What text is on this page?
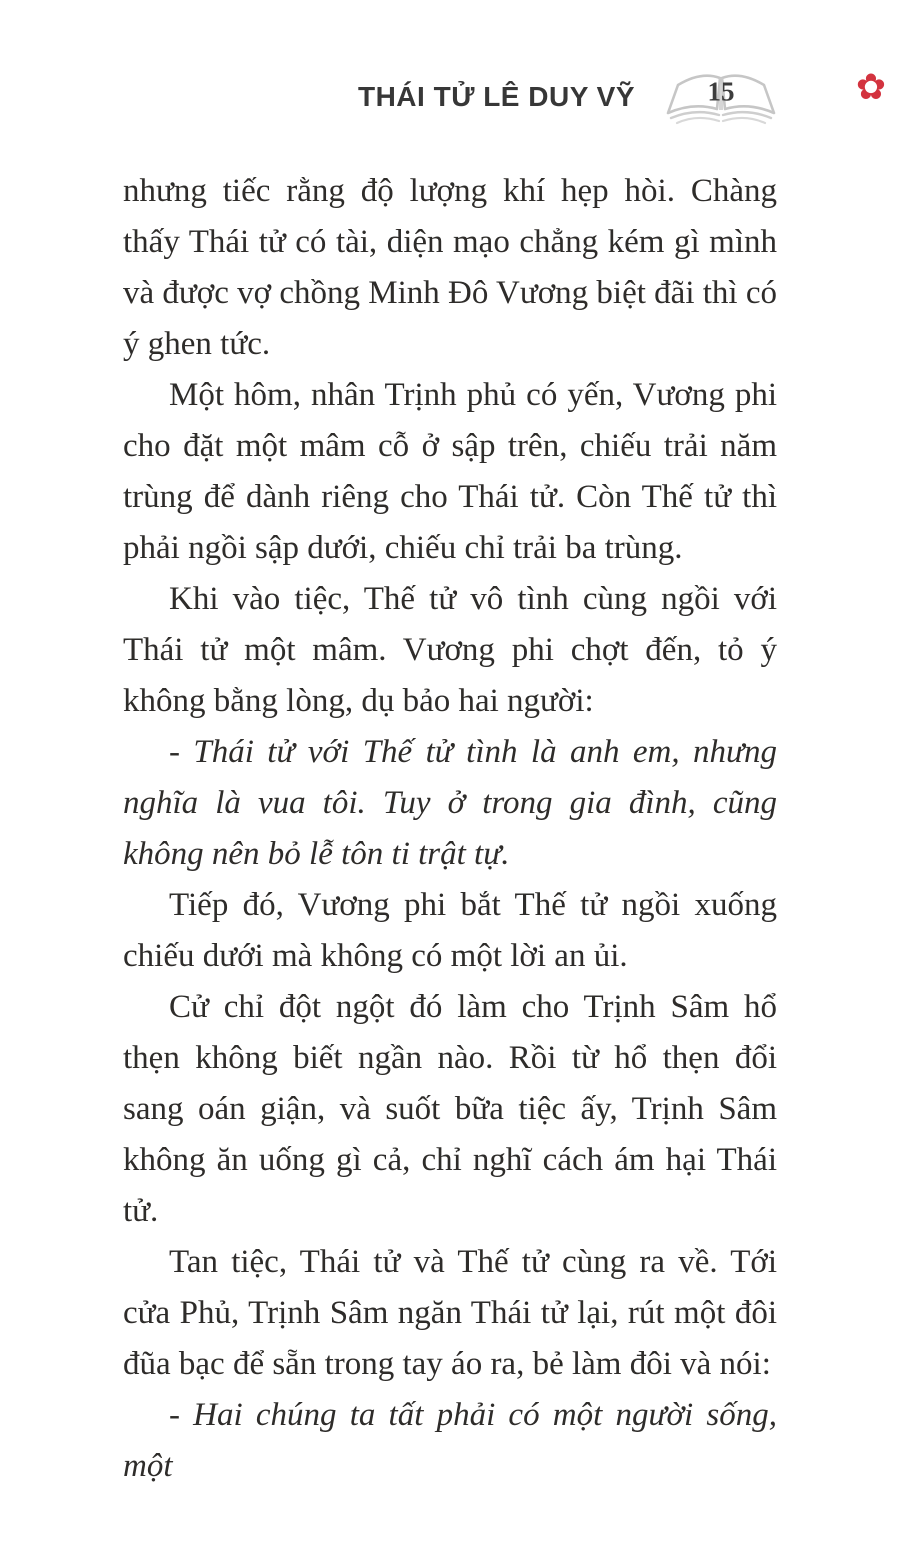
✿
THÁI TỬ LÊ DUY VỸ	15

nhưng tiếc rằng độ lượng khí hẹp hòi. Chàng thấy Thái tử có tài, diện mạo chẳng kém gì mình và được vợ chồng Minh Đô Vương biệt đãi thì có ý ghen tức.

Một hôm, nhân Trịnh phủ có yến, Vương phi cho đặt một mâm cỗ ở sập trên, chiếu trải năm trùng để dành riêng cho Thái tử. Còn Thế tử thì phải ngồi sập dưới, chiếu chỉ trải ba trùng.

Khi vào tiệc, Thế tử vô tình cùng ngồi với Thái tử một mâm. Vương phi chợt đến, tỏ ý không bằng lòng, dụ bảo hai người:

- Thái tử với Thế tử tình là anh em, nhưng nghĩa là vua tôi. Tuy ở trong gia đình, cũng không nên bỏ lễ tôn ti trật tự.

Tiếp đó, Vương phi bắt Thế tử ngồi xuống chiếu dưới mà không có một lời an ủi.

Cử chỉ đột ngột đó làm cho Trịnh Sâm hổ thẹn không biết ngần nào. Rồi từ hổ thẹn đổi sang oán giận, và suốt bữa tiệc ấy, Trịnh Sâm không ăn uống gì cả, chỉ nghĩ cách ám hại Thái tử.

Tan tiệc, Thái tử và Thế tử cùng ra về. Tới cửa Phủ, Trịnh Sâm ngăn Thái tử lại, rút một đôi đũa bạc để sẵn trong tay áo ra, bẻ làm đôi và nói:

- Hai chúng ta tất phải có một người sống, một
